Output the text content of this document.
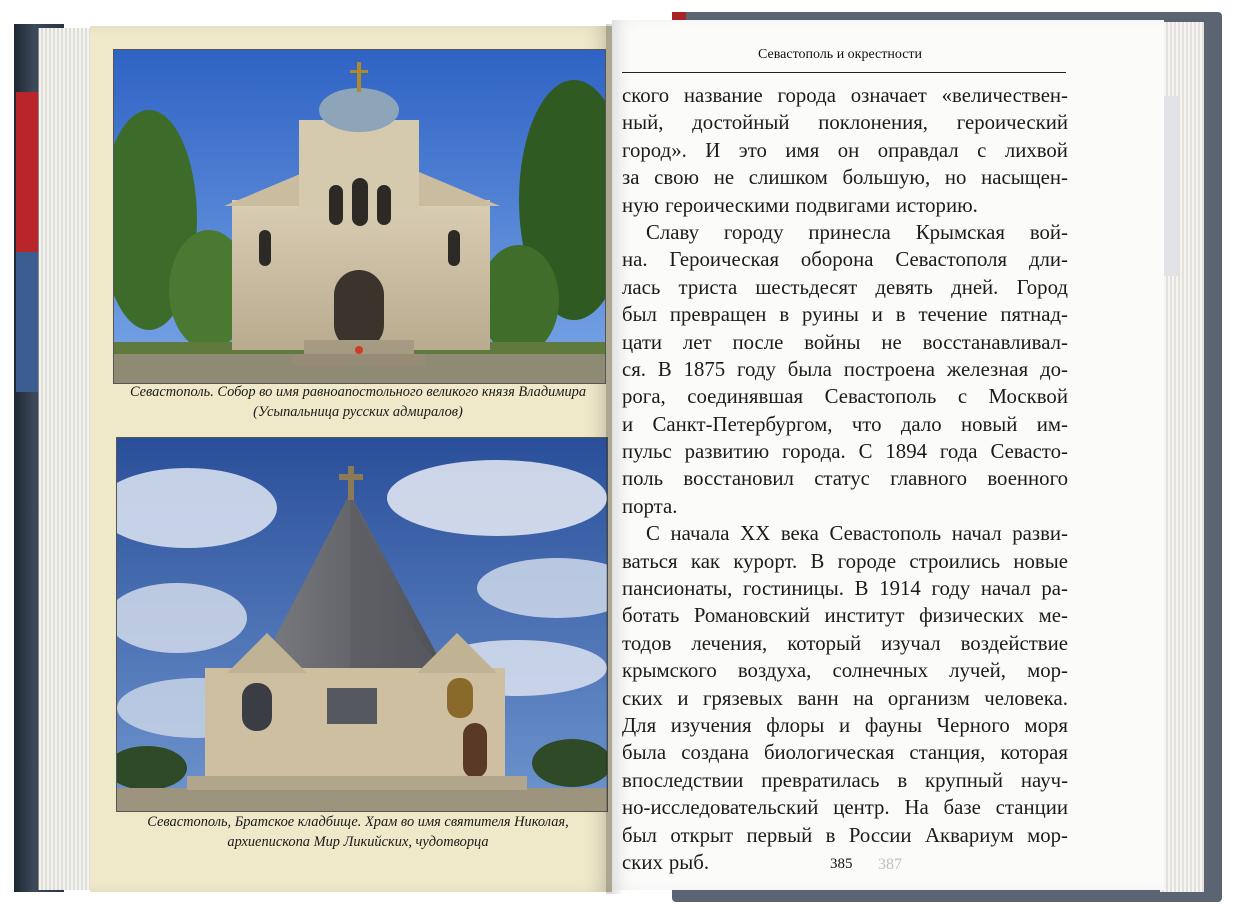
Севастополь. Собор во имя равноапостольного великого князя Владимира
(Усыпальница русских адмиралов)
Севастополь, Братское кладбище. Храм во имя святителя Николая,
архиепископа Мир Ликийских, чудотворца
Севастополь и окрестности
ского название города означает «величествен-
ный, достойный поклонения, героический
город». И это имя он оправдал с лихвой
за свою не слишком большую, но насыщен-
ную героическими подвигами историю.
Славу городу принесла Крымская вой-
на. Героическая оборона Севастополя дли-
лась триста шестьдесят девять дней. Город
был превращен в руины и в течение пятнад-
цати лет после войны не восстанавливал-
ся. В 1875 году была построена железная до-
рога, соединявшая Севастополь с Москвой
и Санкт-Петербургом, что дало новый им-
пульс развитию города. С 1894 года Севасто-
поль восстановил статус главного военного
порта.
С начала XX века Севастополь начал разви-
ваться как курорт. В городе строились новые
пансионаты, гостиницы. В 1914 году начал ра-
ботать Романовский институт физических ме-
тодов лечения, который изучал воздействие
крымского воздуха, солнечных лучей, мор-
ских и грязевых ванн на организм человека.
Для изучения флоры и фауны Черного моря
была создана биологическая станция, которая
впоследствии превратилась в крупный науч-
но-исследовательский центр. На базе станции
был открыт первый в России Аквариум мор-
ских рыб.	385 387
